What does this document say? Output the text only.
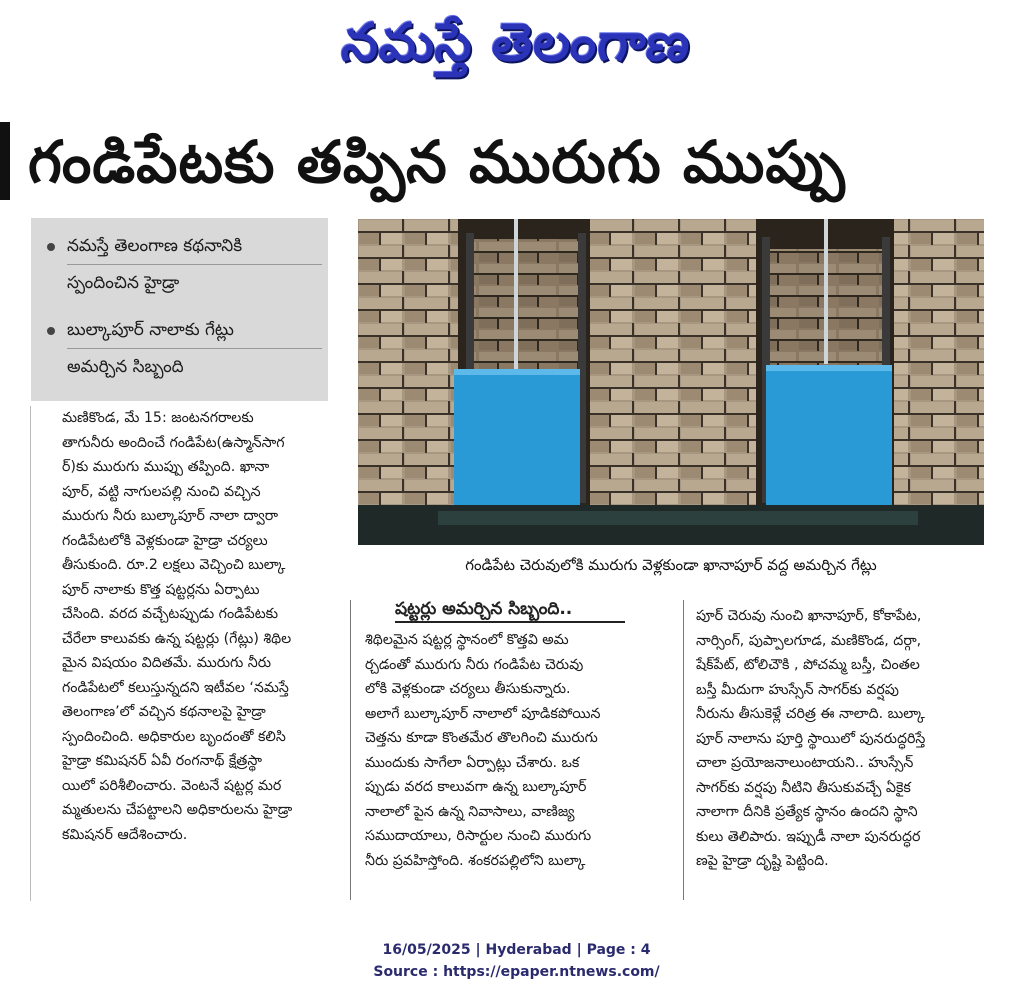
నమస్తే తెలంగాణ
గండిపేటకు తప్పిన మురుగు ముప్పు
నమస్తే తెలంగాణ కథనానికి
స్పందించిన హైడ్రా
బుల్కాపూర్ నాలాకు గేట్లు
అమర్చిన సిబ్బంది
గండిపేట చెరువులోకి మురుగు వెళ్లకుండా ఖానాపూర్ వద్ద అమర్చిన గేట్లు
షట్టర్లు అమర్చిన సిబ్బంది..
మణికొండ, మే 15: జంటనగరాలకు
తాగునీరు అందించే గండిపేట(ఉస్మాన్‌సాగ
ర్)కు మురుగు ముప్పు తప్పింది. ఖానా
పూర్, వట్టి నాగులపల్లి నుంచి వచ్చిన
మురుగు నీరు బుల్కాపూర్ నాలా ద్వారా
గండిపేటలోకి వెళ్లకుండా హైడ్రా చర్యలు
తీసుకుంది. రూ.2 లక్షలు వెచ్చించి బుల్కా
పూర్ నాలాకు కొత్త షట్టర్లను ఏర్పాటు
చేసింది. వరద వచ్చేటప్పుడు గండిపేటకు
చేరేలా కాలువకు ఉన్న షట్టర్లు (గేట్లు) శిథిల
మైన విషయం విదితమే. మురుగు నీరు
గండిపేటలో కలుస్తున్నదని ఇటీవల ‘నమస్తే
తెలంగాణ’లో వచ్చిన కథనాలపై హైడ్రా
స్పందించింది. అధికారుల బృందంతో కలిసి
హైడ్రా కమిషనర్ ఏవీ రంగనాథ్ క్షేత్రస్థా
యిలో పరిశీలించారు. వెంటనే షట్టర్ల మర
మ్మతులను చేపట్టాలని అధికారులను హైడ్రా
కమిషనర్ ఆదేశించారు.
శిథిలమైన షట్టర్ల స్థానంలో కొత్తవి అమ
ర్చడంతో మురుగు నీరు గండిపేట చెరువు
లోకి వెళ్లకుండా చర్యలు తీసుకున్నారు.
అలాగే బుల్కాపూర్ నాలాలో పూడికపోయిన
చెత్తను కూడా కొంతమేర తొలగించి మురుగు
ముందుకు సాగేలా ఏర్పాట్లు చేశారు. ఒక
ప్పుడు వరద కాలువగా ఉన్న బుల్కాపూర్
నాలాలో పైన ఉన్న నివాసాలు, వాణిజ్య
సముదాయాలు, రిసార్టుల నుంచి మురుగు
నీరు ప్రవహిస్తోంది. శంకరపల్లిలోని బుల్కా
పూర్ చెరువు నుంచి ఖానాపూర్, కోకాపేట,
నార్సింగ్, పుప్పాలగూడ, మణికొండ, దర్గా,
షేక్‌పేట్, టోలిచౌకి , పోచమ్మ బస్తీ, చింతల
బస్తీ మీదుగా హుస్సేన్ సాగర్‌కు వర్షపు
నీరును తీసుకెళ్లే చరిత్ర ఈ నాలాది. బుల్కా
పూర్ నాలాను పూర్తి స్థాయిలో పునరుద్ధరిస్తే
చాలా ప్రయోజనాలుంటాయని.. హుస్సేన్
సాగర్‌కు వర్షపు నీటిని తీసుకువచ్చే ఏకైక
నాలాగా దీనికి ప్రత్యేక స్థానం ఉందని స్థాని
కులు తెలిపారు. ఇప్పుడీ నాలా పునరుద్ధర
ణపై హైడ్రా దృష్టి పెట్టింది.
16/05/2025 | Hyderabad | Page : 4
Source : https://epaper.ntnews.com/
